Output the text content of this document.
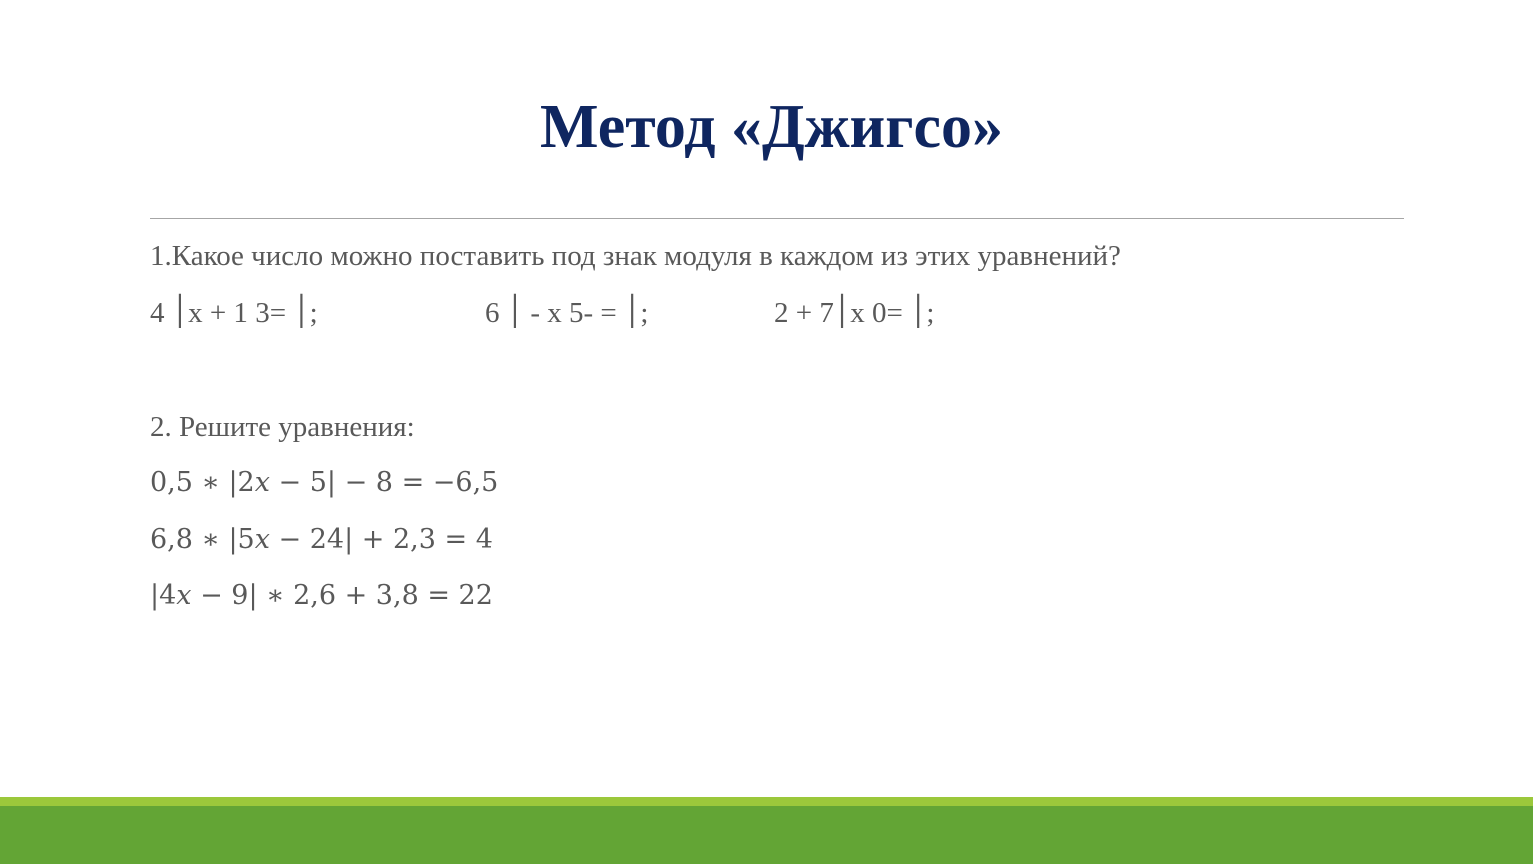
Метод «Джигсо»
1.Какое число можно поставить под знак модуля в каждом из этих уравнений?

׀ 4x + 1 ׀ =3;

	׀ 6 - x ׀ = -5;

	׀7 + 2x ׀ =0;

2. Решите уравнения:
0,5 ∗ |2𝑥 − 5| − 8 = −6,5
6,8 ∗ |5𝑥 − 24| + 2,3 = 4
|4𝑥 − 9| ∗ 2,6 + 3,8 = 22
